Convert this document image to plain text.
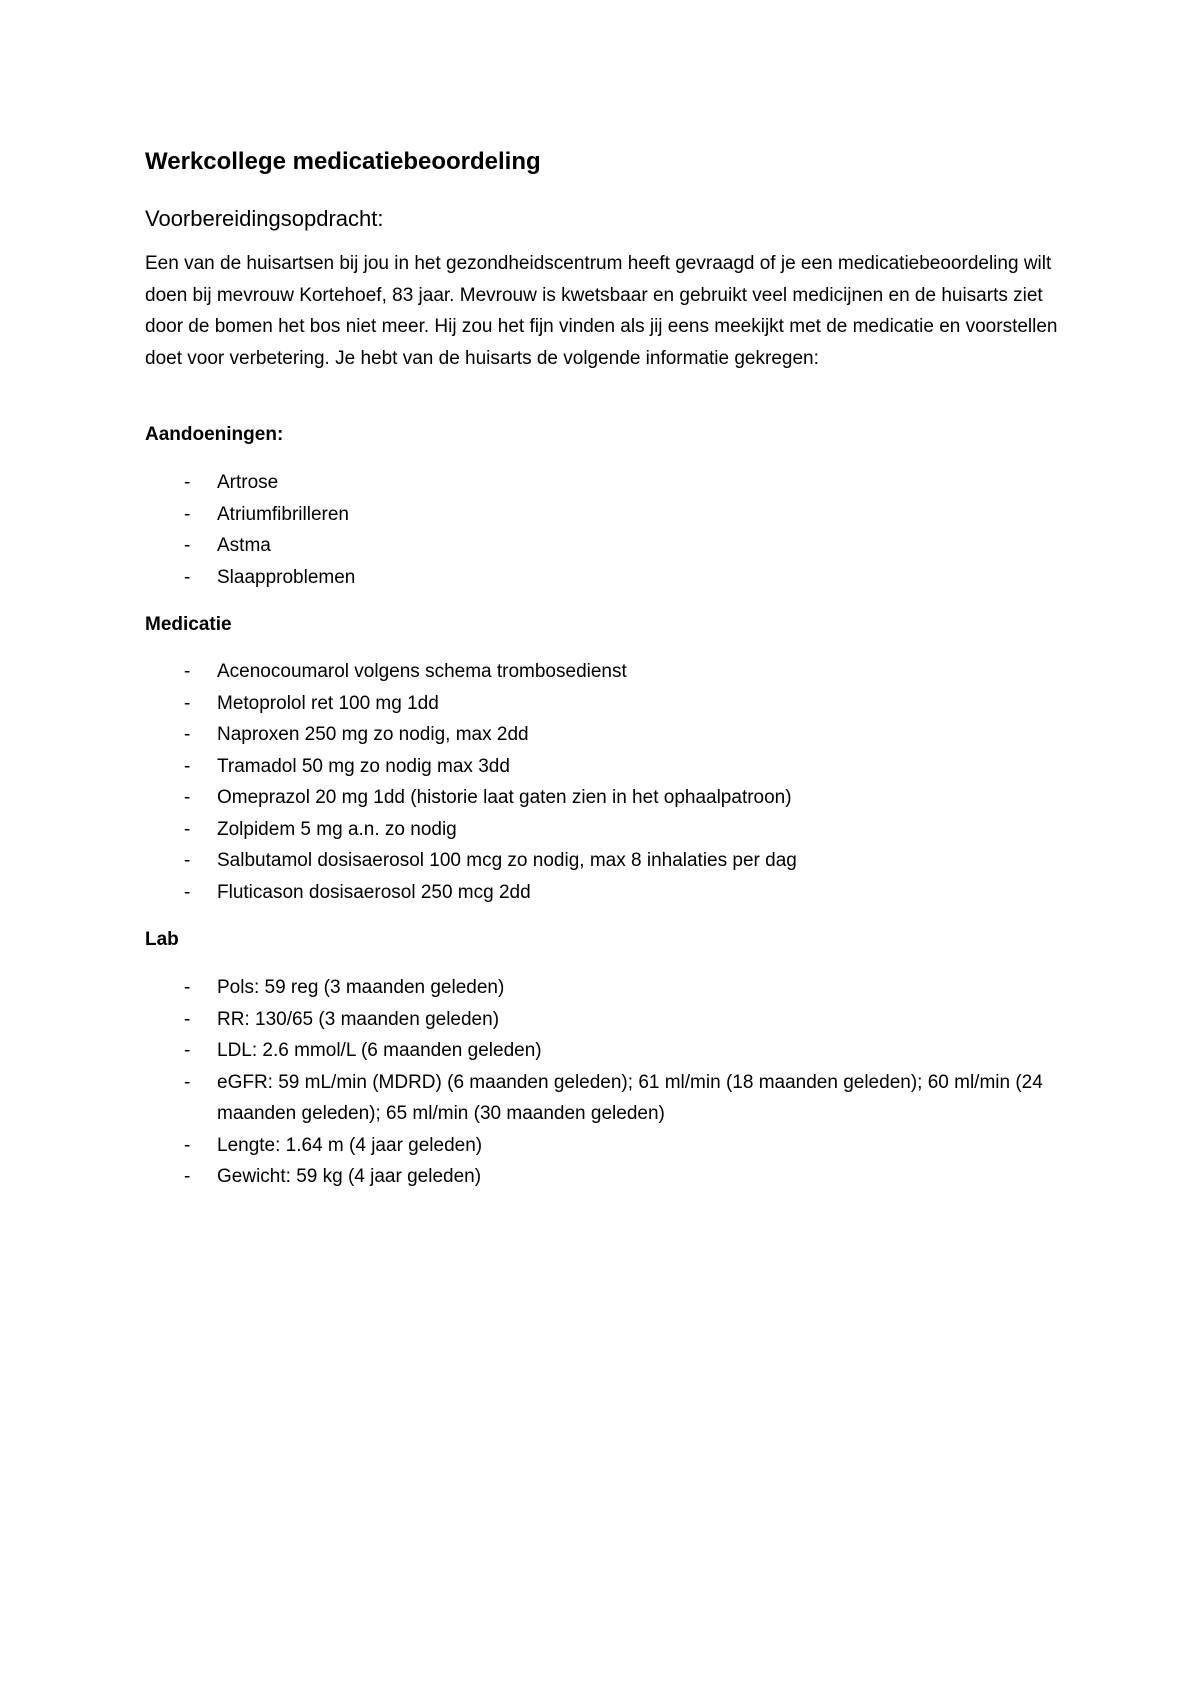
Werkcollege medicatiebeoordeling
Voorbereidingsopdracht:

Een van de huisartsen bij jou in het gezondheidscentrum heeft gevraagd of je een medicatiebeoordeling wilt doen bij mevrouw Kortehoef, 83 jaar. Mevrouw is kwetsbaar en gebruikt veel medicijnen en de huisarts ziet door de bomen het bos niet meer. Hij zou het fijn vinden als jij eens meekijkt met de medicatie en voorstellen doet voor verbetering. Je hebt van de huisarts de volgende informatie gekregen:

Aandoeningen:
- Artrose
- Atriumfibrilleren
- Astma
- Slaapproblemen
Medicatie
- Acenocoumarol volgens schema trombosedienst
- Metoprolol ret 100 mg 1dd
- Naproxen 250 mg zo nodig, max 2dd
- Tramadol 50 mg zo nodig max 3dd
- Omeprazol 20 mg 1dd (historie laat gaten zien in het ophaalpatroon)
- Zolpidem 5 mg a.n. zo nodig
- Salbutamol dosisaerosol 100 mcg zo nodig, max 8 inhalaties per dag
- Fluticason dosisaerosol 250 mcg 2dd
Lab
- Pols: 59 reg (3 maanden geleden)
- RR: 130/65 (3 maanden geleden)
- LDL: 2.6 mmol/L (6 maanden geleden)
- eGFR: 59 mL/min (MDRD) (6 maanden geleden); 61 ml/min (18 maanden geleden); 60 ml/min (24 maanden geleden); 65 ml/min (30 maanden geleden)
- Lengte: 1.64 m (4 jaar geleden)
- Gewicht: 59 kg (4 jaar geleden)
